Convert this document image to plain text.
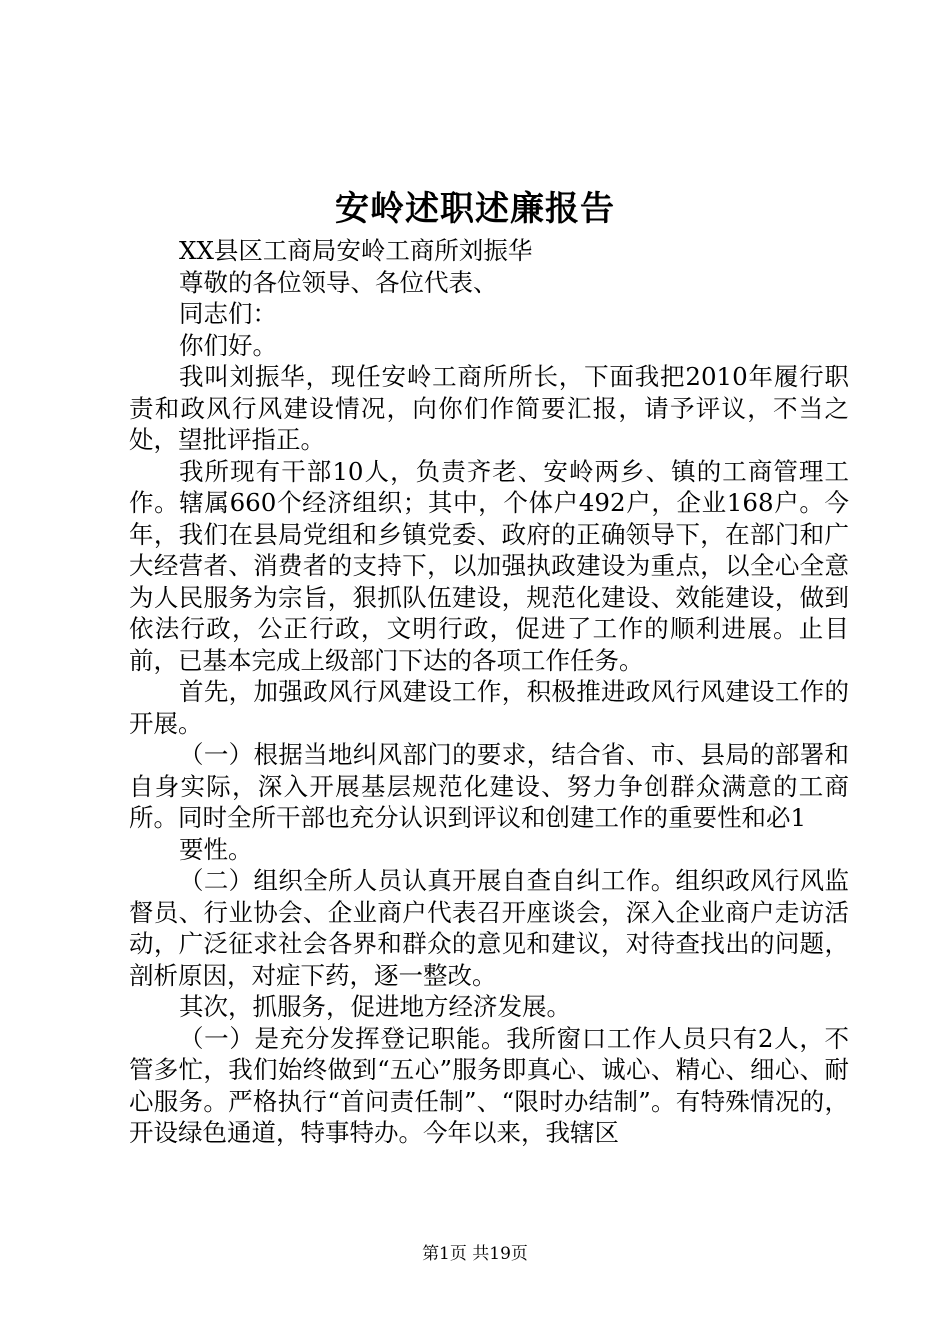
安岭述职述廉报告

XX县区工商局安岭工商所刘振华

尊敬的各位领导、各位代表、

同志们：

你们好。

我叫刘振华，现任安岭工商所所长，下面我把2010年履行职责和政风行风建设情况，向你们作简要汇报，请予评议，不当之处，望批评指正。

我所现有干部10人，负责齐老、安岭两乡、镇的工商管理工作。辖属660个经济组织；其中，个体户492户，企业168户。今年，我们在县局党组和乡镇党委、政府的正确领导下，在部门和广大经营者、消费者的支持下，以加强执政建设为重点，以全心全意为人民服务为宗旨，狠抓队伍建设，规范化建设、效能建设，做到依法行政，公正行政，文明行政，促进了工作的顺利进展。止目前，已基本完成上级部门下达的各项工作任务。

首先，加强政风行风建设工作，积极推进政风行风建设工作的开展。

（一）根据当地纠风部门的要求，结合省、市、县局的部署和自身实际，深入开展基层规范化建设、努力争创群众满意的工商所。同时全所干部也充分认识到评议和创建工作的重要性和必1

要性。

（二）组织全所人员认真开展自查自纠工作。组织政风行风监督员、行业协会、企业商户代表召开座谈会，深入企业商户走访活动，广泛征求社会各界和群众的意见和建议，对待查找出的问题，剖析原因，对症下药，逐一整改。

其次，抓服务，促进地方经济发展。

（一）是充分发挥登记职能。我所窗口工作人员只有2人，不管多忙，我们始终做到“五心”服务即真心、诚心、精心、细心、耐心服务。严格执行“首问责任制”、“限时办结制”。有特殊情况的，开设绿色通道，特事特办。今年以来，我辖区

第1页 共19页
